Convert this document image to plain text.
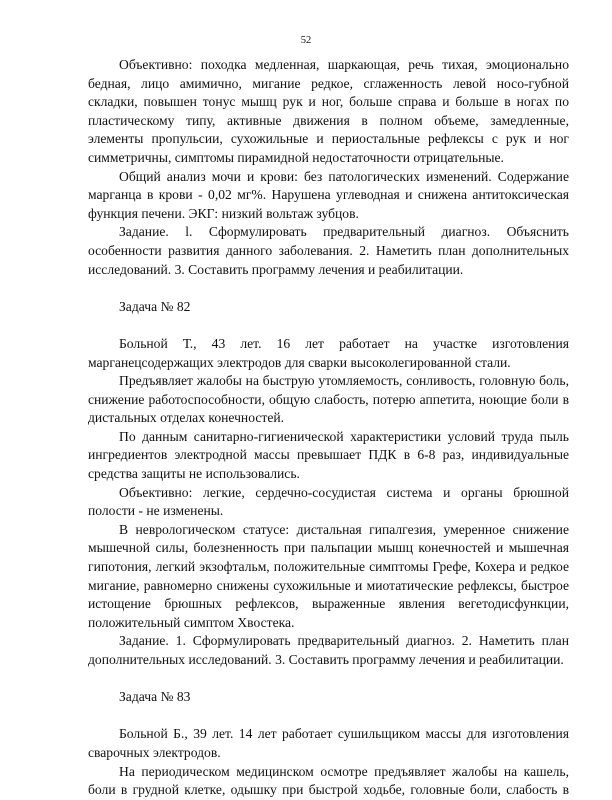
52

Объективно: походка медленная, шаркающая, речь тихая, эмоционально бедная, лицо амимично, мигание редкое, сглаженность левой носо-губной складки, повышен тонус мышц рук и ног, больше справа и больше в ногах по пластическому типу, активные движения в полном объеме, замедленные, элементы пропульсии, сухожильные и периостальные рефлексы с рук и ног симметричны, симптомы пирамидной недостаточности отрицательные.

Общий анализ мочи и крови: без патологических изменений. Содержание марганца в крови - 0,02 мг%. Нарушена углеводная и снижена антитоксическая функция печени. ЭКГ: низкий вольтаж зубцов.

Задание. l. Сформулировать предварительный диагноз. Объяснить особенности развития данного заболевания. 2. Наметить план дополнительных исследований. 3. Составить программу лечения и реабилитации.

Задача № 82

Больной Т., 43 лет. 16 лет работает на участке изготовления марганецсодержащих электродов для сварки высоколегированной стали.

Предъявляет жалобы на быструю утомляемость, сонливость, головную боль, снижение работоспособности, общую слабость, потерю аппетита, ноющие боли в дистальных отделах конечностей.

По данным санитарно-гигиенической характеристики условий труда пыль ингредиентов электродной массы превышает ПДК в 6-8 раз, индивидуальные средства защиты не использовались.

Объективно: легкие, сердечно-сосудистая система и органы брюшной полости - не изменены.

В неврологическом статусе: дистальная гипалгезия, умеренное снижение мышечной силы, болезненность при пальпации мышц конечностей и мышечная гипотония, легкий экзофтальм, положительные симптомы Грефе, Кохера и редкое мигание, равномерно снижены сухожильные и миотатические рефлексы, быстрое истощение брюшных рефлексов, выраженные явления вегетодисфункции, положительный симптом Хвостека.

Задание. 1. Сформулировать предварительный диагноз. 2. Наметить план дополнительных исследований. 3. Составить программу лечения и реабилитации.

Задача № 83

Больной Б., 39 лет. 14 лет работает сушильщиком массы для изготовления сварочных электродов.

На периодическом медицинском осмотре предъявляет жалобы на кашель, боли в грудной клетке, одышку при быстрой ходьбе, головные боли, слабость в
